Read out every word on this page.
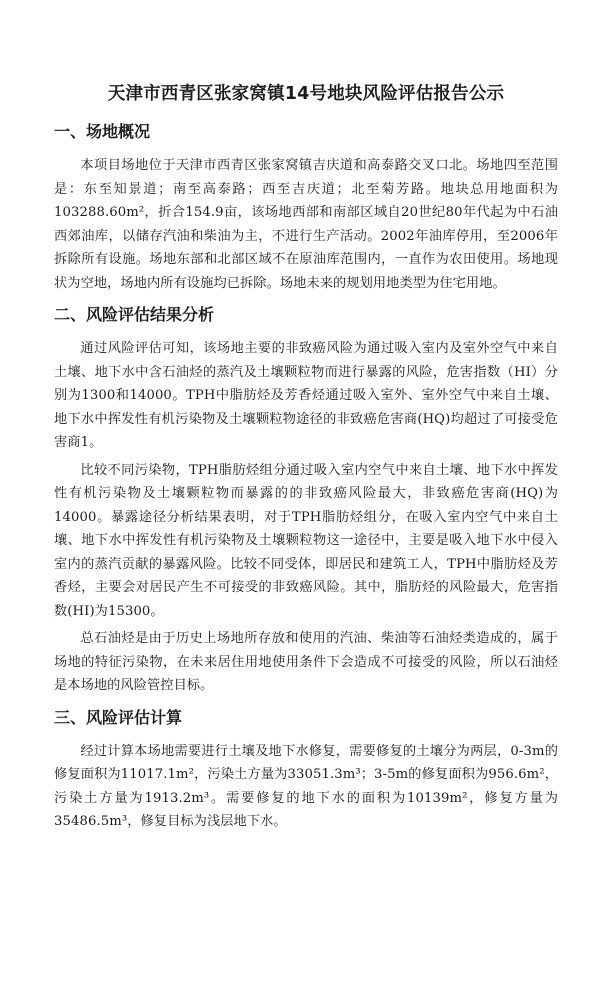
天津市西青区张家窝镇14号地块风险评估报告公示
一、场地概况

本项目场地位于天津市西青区张家窝镇吉庆道和高泰路交叉口北。场地四至范围是：东至知景道；南至高泰路；西至吉庆道；北至菊芳路。地块总用地面积为103288.60m²，折合154.9亩，该场地西部和南部区域自20世纪80年代起为中石油西郊油库，以储存汽油和柴油为主，不进行生产活动。2002年油库停用，至2006年拆除所有设施。场地东部和北部区域不在原油库范围内，一直作为农田使用。场地现状为空地，场地内所有设施均已拆除。场地未来的规划用地类型为住宅用地。

二、风险评估结果分析

通过风险评估可知，该场地主要的非致癌风险为通过吸入室内及室外空气中来自土壤、地下水中含石油烃的蒸汽及土壤颗粒物而进行暴露的风险，危害指数（HI）分别为1300和14000。TPH中脂肪烃及芳香烃通过吸入室外、室外空气中来自土壤、地下水中挥发性有机污染物及土壤颗粒物途径的非致癌危害商(HQ)均超过了可接受危害商1。

比较不同污染物，TPH脂肪烃组分通过吸入室内空气中来自土壤、地下水中挥发性有机污染物及土壤颗粒物而暴露的的非致癌风险最大，非致癌危害商(HQ)为14000。暴露途径分析结果表明，对于TPH脂肪烃组分，在吸入室内空气中来自土壤、地下水中挥发性有机污染物及土壤颗粒物这一途径中，主要是吸入地下水中侵入室内的蒸汽贡献的暴露风险。比较不同受体，即居民和建筑工人，TPH中脂肪烃及芳香烃，主要会对居民产生不可接受的非致癌风险。其中，脂肪烃的风险最大，危害指数(HI)为15300。

总石油烃是由于历史上场地所存放和使用的汽油、柴油等石油烃类造成的，属于场地的特征污染物，在未来居住用地使用条件下会造成不可接受的风险，所以石油烃是本场地的风险管控目标。

三、风险评估计算

经过计算本场地需要进行土壤及地下水修复，需要修复的土壤分为两层，0-3m的修复面积为11017.1m²，污染土方量为33051.3m³；3-5m的修复面积为956.6m²，污染土方量为1913.2m³。需要修复的地下水的面积为10139m²，修复方量为35486.5m³，修复目标为浅层地下水。
